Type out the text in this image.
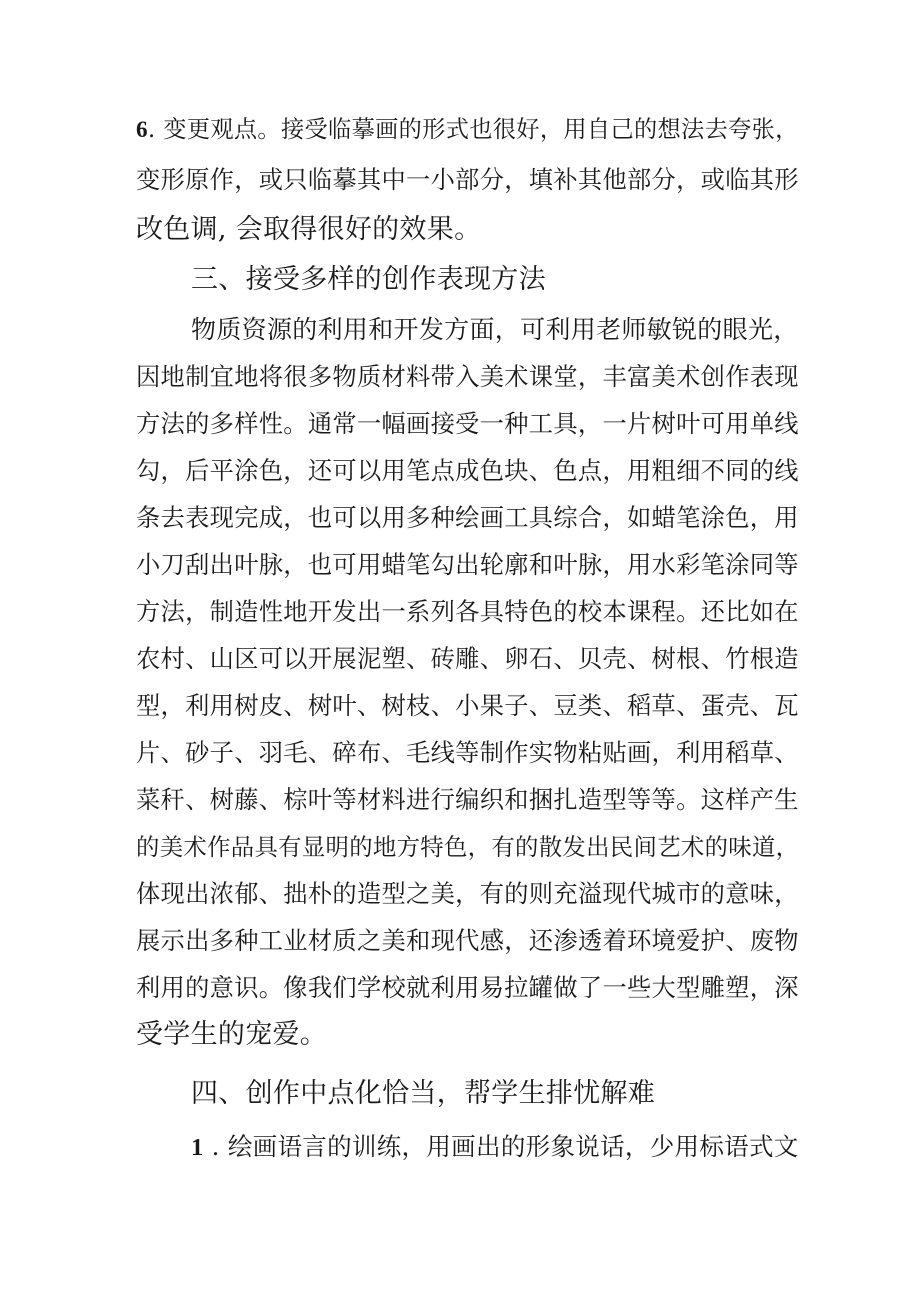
6. 变更观点。接受临摹画的形式也很好，用自己的想法去夸张，
变形原作，或只临摹其中一小部分，填补其他部分，或临其形
改色调, 会取得很好的效果。
三、接受多样的创作表现方法
物质资源的利用和开发方面，可利用老师敏锐的眼光，
因地制宜地将很多物质材料带入美术课堂，丰富美术创作表现
方法的多样性。通常一幅画接受一种工具，一片树叶可用单线
勾，后平涂色，还可以用笔点成色块、色点，用粗细不同的线
条去表现完成，也可以用多种绘画工具综合，如蜡笔涂色，用
小刀刮出叶脉，也可用蜡笔勾出轮廓和叶脉，用水彩笔涂同等
方法，制造性地开发出一系列各具特色的校本课程。还比如在
农村、山区可以开展泥塑、砖雕、卵石、贝壳、树根、竹根造
型，利用树皮、树叶、树枝、小果子、豆类、稻草、蛋壳、瓦
片、砂子、羽毛、碎布、毛线等制作实物粘贴画，利用稻草、
菜秆、树藤、棕叶等材料进行编织和捆扎造型等等。这样产生
的美术作品具有显明的地方特色，有的散发出民间艺术的味道，
体现出浓郁、拙朴的造型之美，有的则充溢现代城市的意味，
展示出多种工业材质之美和现代感，还渗透着环境爱护、废物
利用的意识。像我们学校就利用易拉罐做了一些大型雕塑，深
受学生的宠爱。
四、创作中点化恰当，帮学生排忧解难
1 . 绘画语言的训练，用画出的形象说话，少用标语式文
